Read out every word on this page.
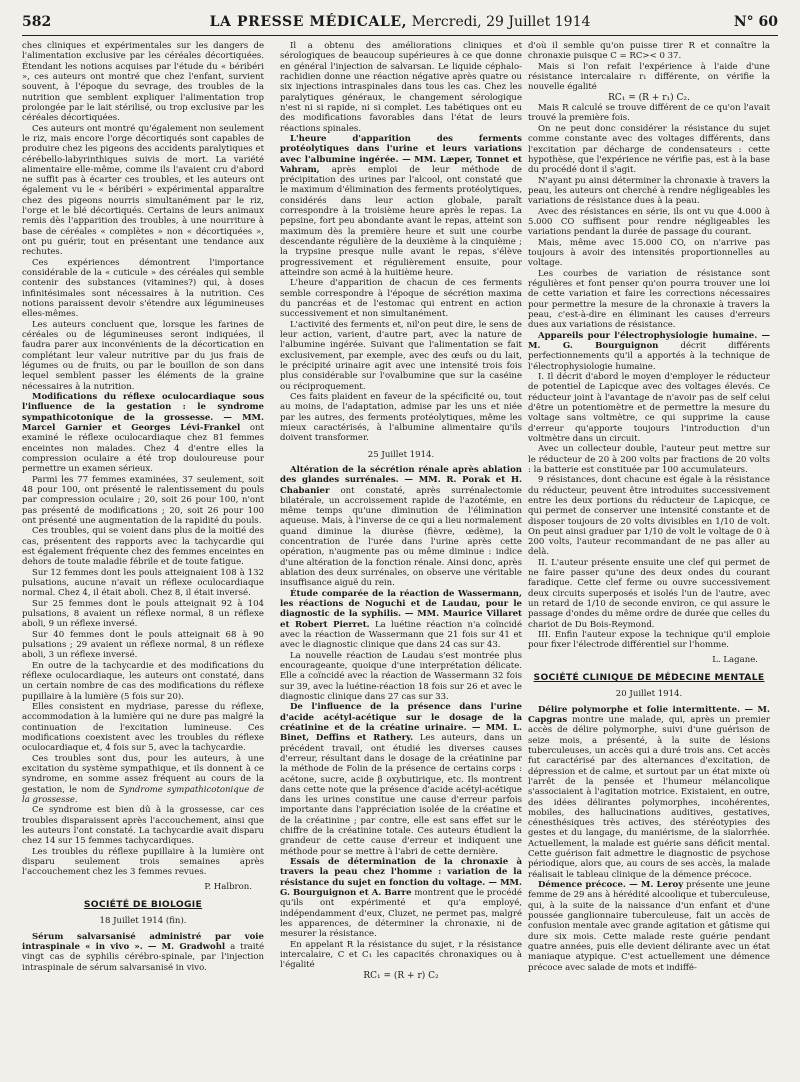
582	LA PRESSE MÉDICALE, Mercredi, 29 Juillet 1914	N° 60

ches cliniques et expérimentales sur les dangers de l'alimentation exclusive par les céréales décortiquées. Étendant les notions acquises par l'étude du « béribéri », ces auteurs ont montré que chez l'enfant, survient souvent, à l'époque du sevrage, des troubles de la nutrition que semblent expliquer l'alimentation trop prolongée par le lait stérilisé, ou trop exclusive par les céréales décortiquées.

Ces auteurs ont montré qu'également non seulement le riz, mais encore l'orge décortiqués sont capables de produire chez les pigeons des accidents paralytiques et cérébello-labyrinthiques suivis de mort. La variété alimentaire elle-même, comme ils l'avaient cru d'abord ne suffit pas à écarter ces troubles, et les auteurs ont également vu le « béribéri » expérimental apparaître chez des pigeons nourris simultanément par le riz, l'orge et le blé décortiqués. Certains de leurs animaux remis dès l'apparition des troubles, à une nourriture à base de céréales « complètes » non « décortiquées », ont pu guérir, tout en présentant une tendance aux rechutes.

Ces expériences démontrent l'importance considérable de la « cuticule » des céréales qui semble contenir des substances (vitamines?) qui, à doses infinitésimales sont nécessaires à la nutrition. Ces notions paraissent devoir s'étendre aux légumineuses elles-mêmes.

Les auteurs concluent que, lorsque les farines de céréales ou de légumineuses seront indiquées, il faudra parer aux inconvénients de la décortication en complétant leur valeur nutritive par du jus frais de légumes ou de fruits, ou par le bouillon de son dans lequel semblent passer les éléments de la graine nécessaires à la nutrition.

Modifications du réflexe oculocardiaque sous l'influence de la gestation : le syndrome sympathicotonique de la grossesse. — MM. Marcel Garnier et Georges Lévi-Frankel ont examiné le réflexe oculocardiaque chez 81 femmes enceintes non malades. Chez 4 d'entre elles la compression oculaire a été trop douloureuse pour permettre un examen sérieux.

Parmi les 77 femmes examinées, 37 seulement, soit 48 pour 100, ont présenté le ralentissement du pouls par compression oculaire ; 20, soit 26 pour 100, n'ont pas présenté de modifications ; 20, soit 26 pour 100 ont présenté une augmentation de la rapidité du pouls.

Ces troubles, qui se voient dans plus de la moitié des cas, présentent des rapports avec la tachycardie qui est également fréquente chez des femmes enceintes en dehors de toute maladie fébrile et de toute fatigue.

Sur 12 femmes dont les pouls atteignaient 108 à 132 pulsations, aucune n'avait un réflexe oculocardiaque normal. Chez 4, il était aboli. Chez 8, il était inversé.

Sur 25 femmes dont le pouls atteignait 92 à 104 pulsations, 8 avaient un réflexe normal, 8 un réflexe aboli, 9 un réflexe inversé.

Sur 40 femmes dont le pouls atteignait 68 à 90 pulsations ; 29 avaient un réflexe normal, 8 un réflexe aboli, 3 un réflexe inversé.

En outre de la tachycardie et des modifications du réflexe oculocardiaque, les auteurs ont constaté, dans un certain nombre de cas des modifications du réflexe pupillaire à la lumière (5 fois sur 20).

Elles consistent en mydriase, paresse du réflexe, accommodation à la lumière qui ne dure pas malgré la continuation de l'excitation lumineuse. Ces modifications coexistent avec les troubles du réflexe oculocardiaque et, 4 fois sur 5, avec la tachycardie.

Ces troubles sont dus, pour les auteurs, à une excitation du système sympathique, et ils donnent à ce syndrome, en somme assez fréquent au cours de la gestation, le nom de Syndrome sympathicotonique de la grossesse.

Ce syndrome est bien dû à la grossesse, car ces troubles disparaissent après l'accouchement, ainsi que les auteurs l'ont constaté. La tachycardie avait disparu chez 14 sur 15 femmes tachycardiques.

Les troubles du réflexe pupillaire à la lumière ont disparu seulement trois semaines après l'accouchement chez les 3 femmes revues.

P. Halbron.

SOCIÉTÉ DE BIOLOGIE

18 Juillet 1914 (fin).

Sérum salvarsanisé administré par voie intraspinale « in vivo ». — M. Gradwohl a traité vingt cas de syphilis cérébro-spinale, par l'injection intraspinale de sérum salvarsanisé in vivo.

Il a obtenu des améliorations cliniques et sérologiques de beaucoup supérieures à ce que donne en général l'injection de salvarsan. Le liquide céphalo-rachidien donne une réaction négative après quatre ou six injections intraspinales dans tous les cas. Chez les paralytiques généraux, le changement sérologique n'est ni si rapide, ni si complet. Les tabétiques ont eu des modifications favorables dans l'état de leurs réactions spinales.

L'heure d'apparition des ferments protéolytiques dans l'urine et leurs variations avec l'albumine ingérée. — MM. Læper, Tonnet et Vahram, après emploi de leur méthode de précipitation des urines par l'alcool, ont constaté que le maximum d'élimination des ferments protéolytiques, considérés dans leur action globale, paraît correspondre à la troisième heure après le repas. La pepsine, fort peu abondante avant le repas, atteint son maximum dès la première heure et suit une courbe descendante régulière de la deuxième à la cinquième ; la trypsine presque nulle avant le repas, s'élève progressivement et régulièrement ensuite, pour atteindre son acmé à la huitième heure.

L'heure d'apparition de chacun de ces ferments semble correspondre à l'époque de sécrétion maxima du pancréas et de l'estomac qui entrent en action successivement et non simultanément.

L'activité des ferments et, nil'on peut dire, le sens de leur action, varient, d'autre part, avec la nature de l'albumine ingérée. Suivant que l'alimentation se fait exclusivement, par exemple, avec des œufs ou du lait, le précipité urinaire agit avec une intensité trois fois plus considérable sur l'ovalbumine que sur la caséine ou réciproquement.

Ces faits plaident en faveur de la spécificité ou, tout au moins, de l'adaptation, admise par les uns et niée par les autres, des ferments protéolytiques, même les mieux caractérisés, à l'albumine alimentaire qu'ils doivent transformer.

25 Juillet 1914.

Altération de la sécrétion rénale après ablation des glandes surrénales. — MM. R. Porak et H. Chabanier ont constaté, après surrénalectomie bilatérale, un accroissement rapide de l'azotémie, en même temps qu'une diminution de l'élimination aqueuse. Mais, à l'inverse de ce qui a lieu normalement quand diminue la diurèse (fièvre, œdème), la concentration de l'urée dans l'urine après cette opération, n'augmente pas ou même diminue : indice d'une altération de la fonction rénale. Ainsi donc, après ablation des deux surrénales, on observe une véritable insuffisance aiguë du rein.

Étude comparée de la réaction de Wassermann, les réactions de Noguchi et de Laudau, pour le diagnostic de la syphilis. — MM. Maurice Villaret et Robert Pierret. La luétine réaction n'a coïncidé avec la réaction de Wassermann que 21 fois sur 41 et avec le diagnostic clinique que dans 24 cas sur 43.

La nouvelle réaction de Laudau s'est montrée plus encourageante, quoique d'une interprétation délicate. Elle a coïncidé avec la réaction de Wassermann 32 fois sur 39, avec la luétine-réaction 18 fois sur 26 et avec le diagnostic clinique dans 27 cas sur 33.

De l'influence de la présence dans l'urine d'acide acétyl-acétique sur le dosage de la créatinine et de la créatine urinaire. — MM. L. Binet, Deffins et Rathery. Les auteurs, dans un précédent travail, ont étudié les diverses causes d'erreur, résultant dans le dosage de la créatinine par la méthode de Folin de la présence de certains corps : acétone, sucre, acide β oxybutirique, etc. Ils montrent dans cette note que la présence d'acide acétyl-acétique dans les urines constitue une cause d'erreur parfois importante dans l'appréciation isolée de la créatine et de la créatinine ; par contre, elle est sans effet sur le chiffre de la créatinine totale. Ces auteurs étudient la grandeur de cette cause d'erreur et indiquent une méthode pour se mettre à l'abri de cette dernière.

Essais de détermination de la chronaxie à travers la peau chez l'homme : variation de la résistance du sujet en fonction du voltage. — MM. G. Bourguignon et A. Barre montrent que le procédé qu'ils ont expérimenté et qu'a employé, indépendamment d'eux, Cluzet, ne permet pas, malgré les apparences, de déterminer la chronaxie, ni de mesurer la résistance.

En appelant R la résistance du sujet, r la résistance intercalaire, C et C₁ les capacités chronaxiques ou à l'égalité

RC₁ = (R + r) C₂

d'où il semble qu'on puisse tirer R et connaître la chronaxie puisque C = RC>< 0 37.

Mais si l'on refait l'expérience à l'aide d'une résistance intercalaire r₁ différente, on vérifie la nouvelle égalité

RC₁ = (R + r₁) C₂.

Mais R calculé se trouve différent de ce qu'on l'avait trouvé la première fois.

On ne peut donc considérer la résistance du sujet comme constante avec des voltages différents, dans l'excitation par décharge de condensateurs : cette hypothèse, que l'expérience ne vérifie pas, est à la base du procédé dont il s'agit.

N'ayant pu ainsi déterminer la chronaxie à travers la peau, les auteurs ont cherché à rendre négligeables les variations de résistance dues à la peau.

Avec des résistances en série, ils ont vu que 4.000 à 5.000 CO suffisent pour rendre négligeables les variations pendant la durée de passage du courant.

Mais, même avec 15.000 CO, on n'arrive pas toujours à avoir des intensités proportionnelles au voltage.

Les courbes de variation de résistance sont régulières et font penser qu'on pourra trouver une loi de cette variation et faire les corrections nécessaires pour permettre la mesure de la chronaxie à travers la peau, c'est-à-dire en éliminant les causes d'erreurs dues aux variations de résistance.

Appareils pour l'électrophysiologie humaine. — M. G. Bourguignon décrit différents perfectionnements qu'il a apportés à la technique de l'électrophysiologie humaine.

I. Il décrit d'abord le moyen d'employer le réducteur de potentiel de Lapicque avec des voltages élevés. Ce réducteur joint à l'avantage de n'avoir pas de self celui d'être un potentiomètre et de permettre la mesure du voltage sans voltmètre, ce qui supprime la cause d'erreur qu'apporte toujours l'introduction d'un voltmètre dans un circuit.

Avec un collecteur double, l'auteur peut mettre sur le réducteur de 20 à 200 volts par fractions de 20 volts : la batterie est constituée par 100 accumulateurs.

9 résistances, dont chacune est égale à la résistance du réducteur, peuvent être introduites successivement entre les deux portions du réducteur de Lapicque, ce qui permet de conserver une intensité constante et de disposer toujours de 20 volts divisibles en 1/10 de volt. On peut ainsi graduer par 1/10 de volt le voltage de 0 à 200 volts, l'auteur recommandant de ne pas aller au delà.

II. L'auteur présente ensuite une clef qui permet de ne faire passer qu'une des deux ondes du courant faradique. Cette clef ferme ou ouvre successivement deux circuits superposés et isolés l'un de l'autre, avec un retard de 1/10 de seconde environ, ce qui assure le passage d'ondes du même ordre de durée que celles du chariot de Du Bois-Reymond.

III. Enfin l'auteur expose la technique qu'il emploie pour fixer l'électrode différentiel sur l'homme.

L. Lagane.

SOCIÉTÉ CLINIQUE DE MÉDECINE MENTALE

20 Juillet 1914.

Délire polymorphe et folie intermittente. — M. Capgras montre une malade, qui, après un premier accès de délire polymorphe, suivi d'une guérison de seize mois, a présenté, à la suite de lésions tuberculeuses, un accès qui a duré trois ans. Cet accès fut caractérisé par des alternances d'excitation, de dépression et de calme, et surtout par un état mixte où l'arrêt de la pensée et l'humeur mélancolique s'associaient à l'agitation motrice. Existaient, en outre, des idées délirantes polymorphes, incohérentes, mobiles, des hallucinations auditives, gestatives, cénesthésiques très actives, des stéréotypies des gestes et du langage, du maniérisme, de la sialorrhée. Actuellement, la malade est guérie sans déficit mental. Cette guérison fait admettre le diagnostic de psychose périodique, alors que, au cours de ses accès, la malade réalisait le tableau clinique de la démence précoce.

Démence précoce. — M. Leroy présente une jeune femme de 29 ans à hérédité alcoolique et tuberculeuse, qui, à la suite de la naissance d'un enfant et d'une poussée ganglionnaire tuberculeuse, fait un accès de confusion mentale avec grande agitation et gâtisme qui dure six mois. Cette malade reste guérie pendant quatre années, puis elle devient délirante avec un état maniaque atypique. C'est actuellement une démence précoce avec salade de mots et indiffé-
